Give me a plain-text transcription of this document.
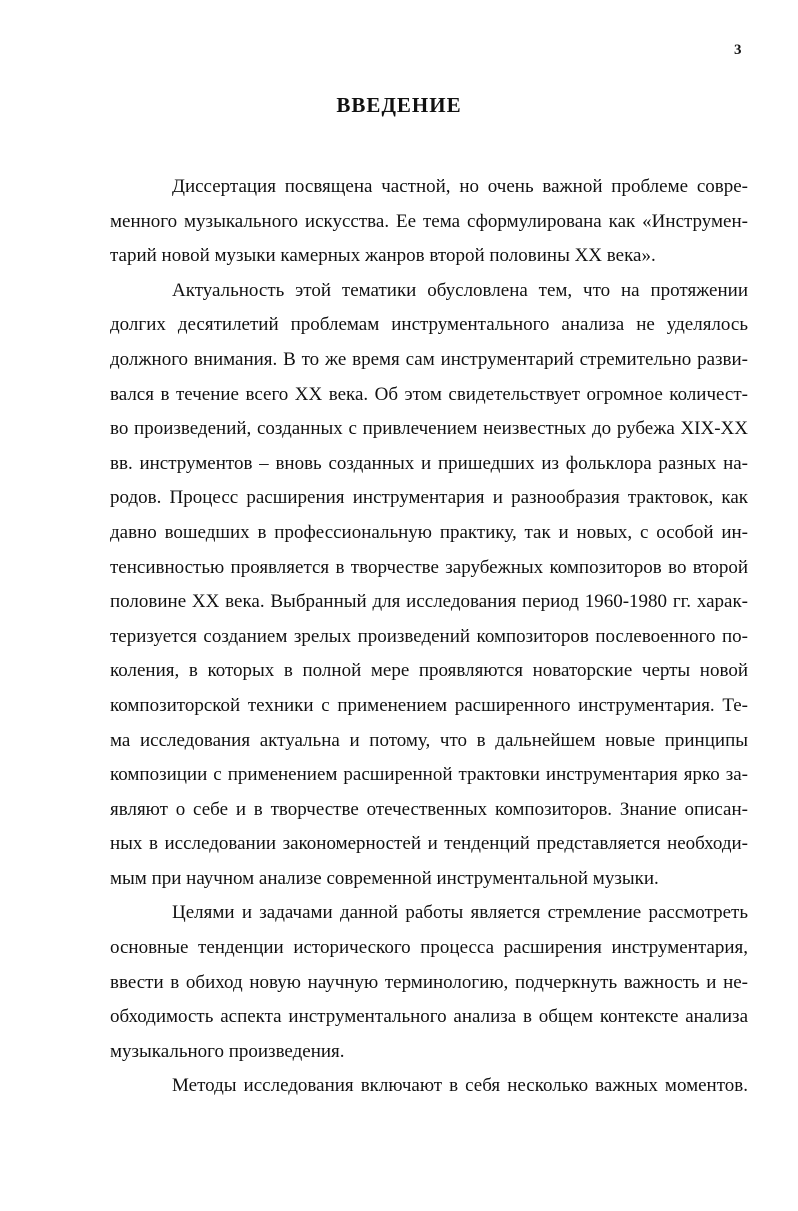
3
ВВЕДЕНИЕ
Диссертация посвящена частной, но очень важной проблеме совре-
менного музыкального искусства. Ее тема сформулирована как «Инструмен-
тарий новой музыки камерных жанров второй половины XX века».
Актуальность этой тематики обусловлена тем, что на протяжении
долгих десятилетий проблемам инструментального анализа не уделялось
должного внимания. В то же время сам инструментарий стремительно разви-
вался в течение всего XX века. Об этом свидетельствует огромное количест-
во произведений, созданных с привлечением неизвестных до рубежа XIX-XX
вв. инструментов – вновь созданных и пришедших из фольклора разных на-
родов. Процесс расширения инструментария и разнообразия трактовок, как
давно вошедших в профессиональную практику, так и новых, с особой ин-
тенсивностью проявляется в творчестве зарубежных композиторов во второй
половине XX века. Выбранный для исследования период 1960-1980 гг. харак-
теризуется созданием зрелых произведений композиторов послевоенного по-
коления, в которых в полной мере проявляются новаторские черты новой
композиторской техники с применением расширенного инструментария. Те-
ма исследования актуальна и потому, что в дальнейшем новые принципы
композиции с применением расширенной трактовки инструментария ярко за-
являют о себе и в творчестве отечественных композиторов. Знание описан-
ных в исследовании закономерностей и тенденций представляется необходи-
мым при научном анализе современной инструментальной музыки.
Целями и задачами данной работы является стремление рассмотреть
основные тенденции исторического процесса расширения инструментария,
ввести в обиход новую научную терминологию, подчеркнуть важность и не-
обходимость аспекта инструментального анализа в общем контексте анализа
музыкального произведения.
Методы исследования включают в себя несколько важных моментов.
